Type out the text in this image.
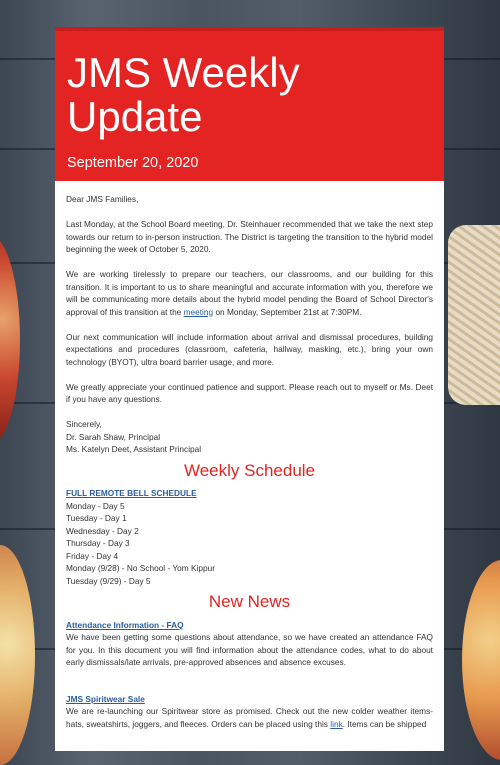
JMS Weekly Update
September 20, 2020

Dear JMS Families,

Last Monday, at the School Board meeting, Dr. Steinhauer recommended that we take the next step towards our return to in-person instruction. The District is targeting the transition to the hybrid model beginning the week of October 5, 2020.

We are working tirelessly to prepare our teachers, our classrooms, and our building for this transition. It is important to us to share meaningful and accurate information with you, therefore we will be communicating more details about the hybrid model pending the Board of School Director's approval of this transition at the meeting on Monday, September 21st at 7:30PM.

Our next communication will include information about arrival and dismissal procedures, building expectations and procedures (classroom, cafeteria, hallway, masking, etc.), bring your own technology (BYOT), ultra board barrier usage, and more.

We greatly appreciate your continued patience and support. Please reach out to myself or Ms. Deet if you have any questions.

Sincerely,
Dr. Sarah Shaw, Principal
Ms. Katelyn Deet, Assistant Principal
Weekly Schedule
FULL REMOTE BELL SCHEDULE
Monday - Day 5
Tuesday - Day 1
Wednesday - Day 2
Thursday - Day 3
Friday - Day 4
Monday (9/28) - No School - Yom Kippur
Tuesday (9/29) - Day 5
New News
Attendance Information - FAQ

We have been getting some questions about attendance, so we have created an attendance FAQ for you. In this document you will find information about the attendance codes, what to do about early dismissals/late arrivals, pre-approved absences and absence excuses.

JMS Spiritwear Sale

We are re-launching our Spiritwear store as promised. Check out the new colder weather items-hats, sweatshirts, joggers, and fleeces. Orders can be placed using this link. Items can be shipped
